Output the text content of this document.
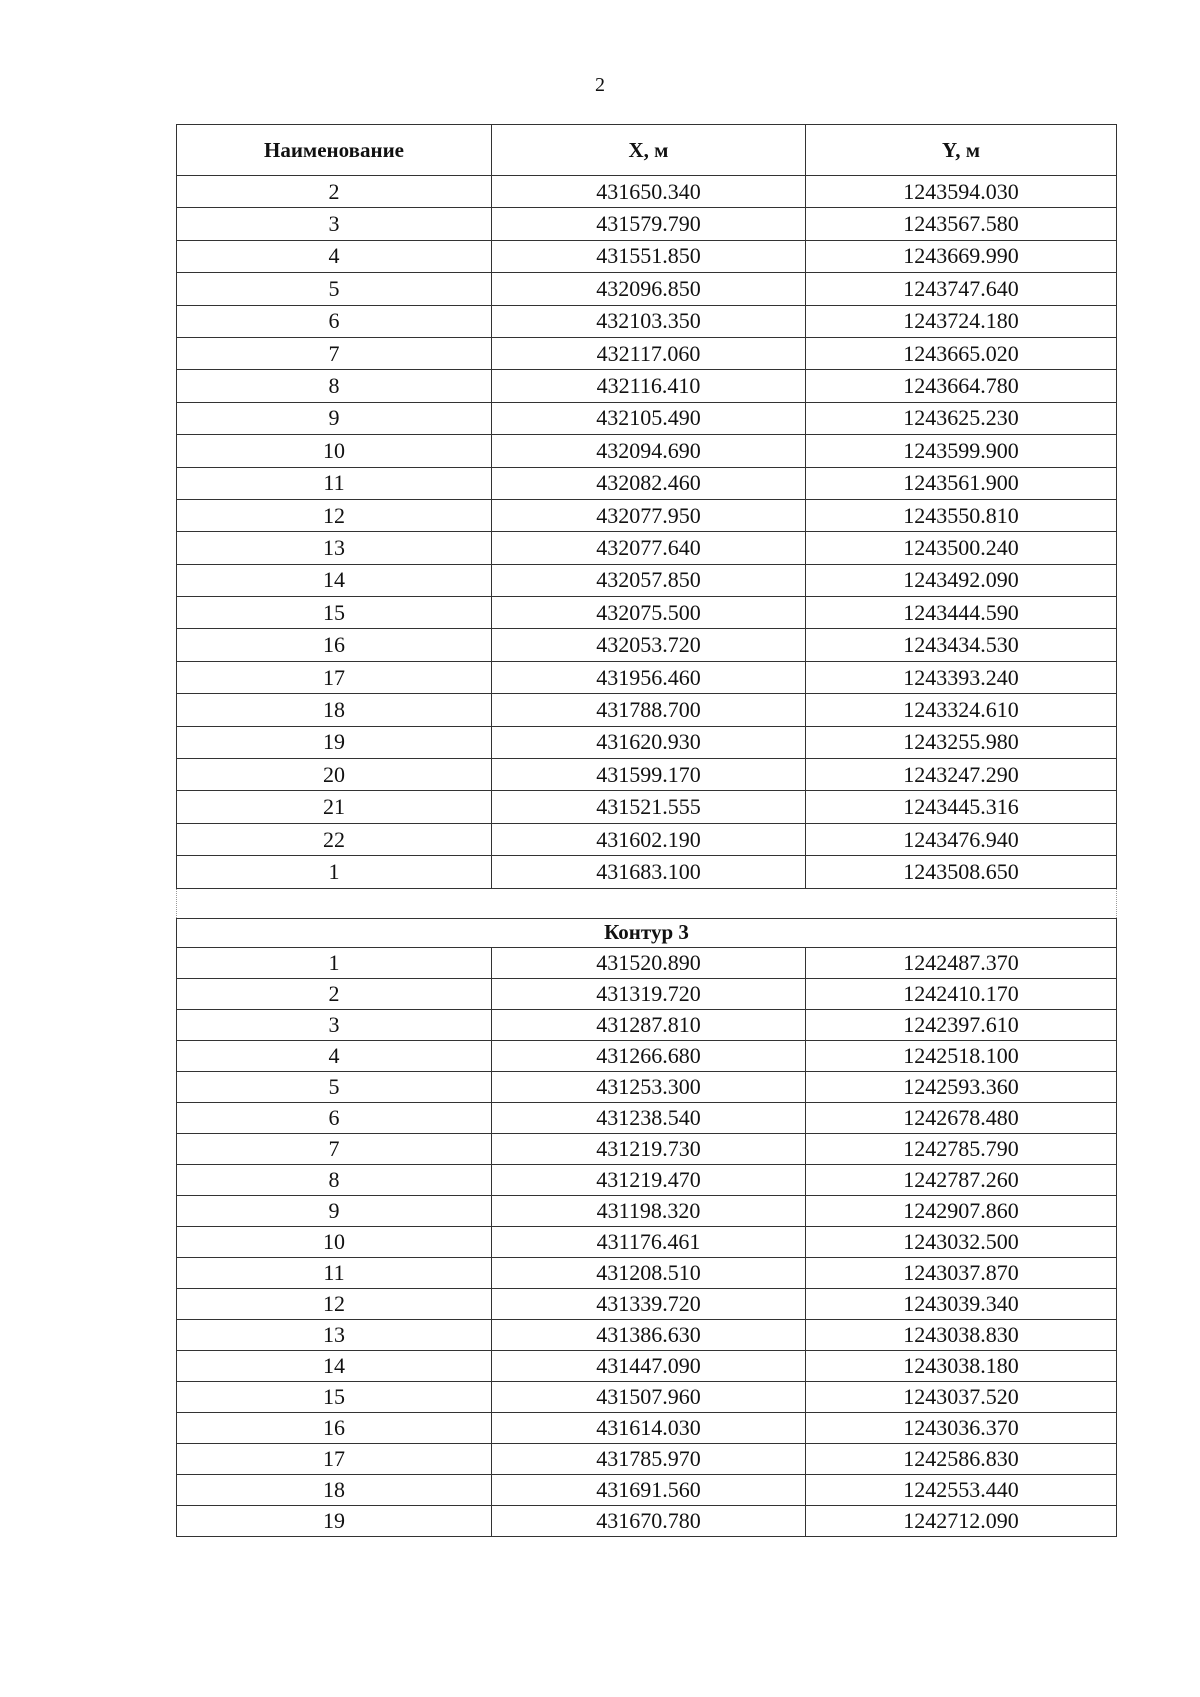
2
Наименование	X, м	Y, м
2	431650.340	1243594.030
3	431579.790	1243567.580
4	431551.850	1243669.990
5	432096.850	1243747.640
6	432103.350	1243724.180
7	432117.060	1243665.020
8	432116.410	1243664.780
9	432105.490	1243625.230
10	432094.690	1243599.900
11	432082.460	1243561.900
12	432077.950	1243550.810
13	432077.640	1243500.240
14	432057.850	1243492.090
15	432075.500	1243444.590
16	432053.720	1243434.530
17	431956.460	1243393.240
18	431788.700	1243324.610
19	431620.930	1243255.980
20	431599.170	1243247.290
21	431521.555	1243445.316
22	431602.190	1243476.940
1	431683.100	1243508.650

Контур 3		
1	431520.890	1242487.370
2	431319.720	1242410.170
3	431287.810	1242397.610
4	431266.680	1242518.100
5	431253.300	1242593.360
6	431238.540	1242678.480
7	431219.730	1242785.790
8	431219.470	1242787.260
9	431198.320	1242907.860
10	431176.461	1243032.500
11	431208.510	1243037.870
12	431339.720	1243039.340
13	431386.630	1243038.830
14	431447.090	1243038.180
15	431507.960	1243037.520
16	431614.030	1243036.370
17	431785.970	1242586.830
18	431691.560	1242553.440
19	431670.780	1242712.090
